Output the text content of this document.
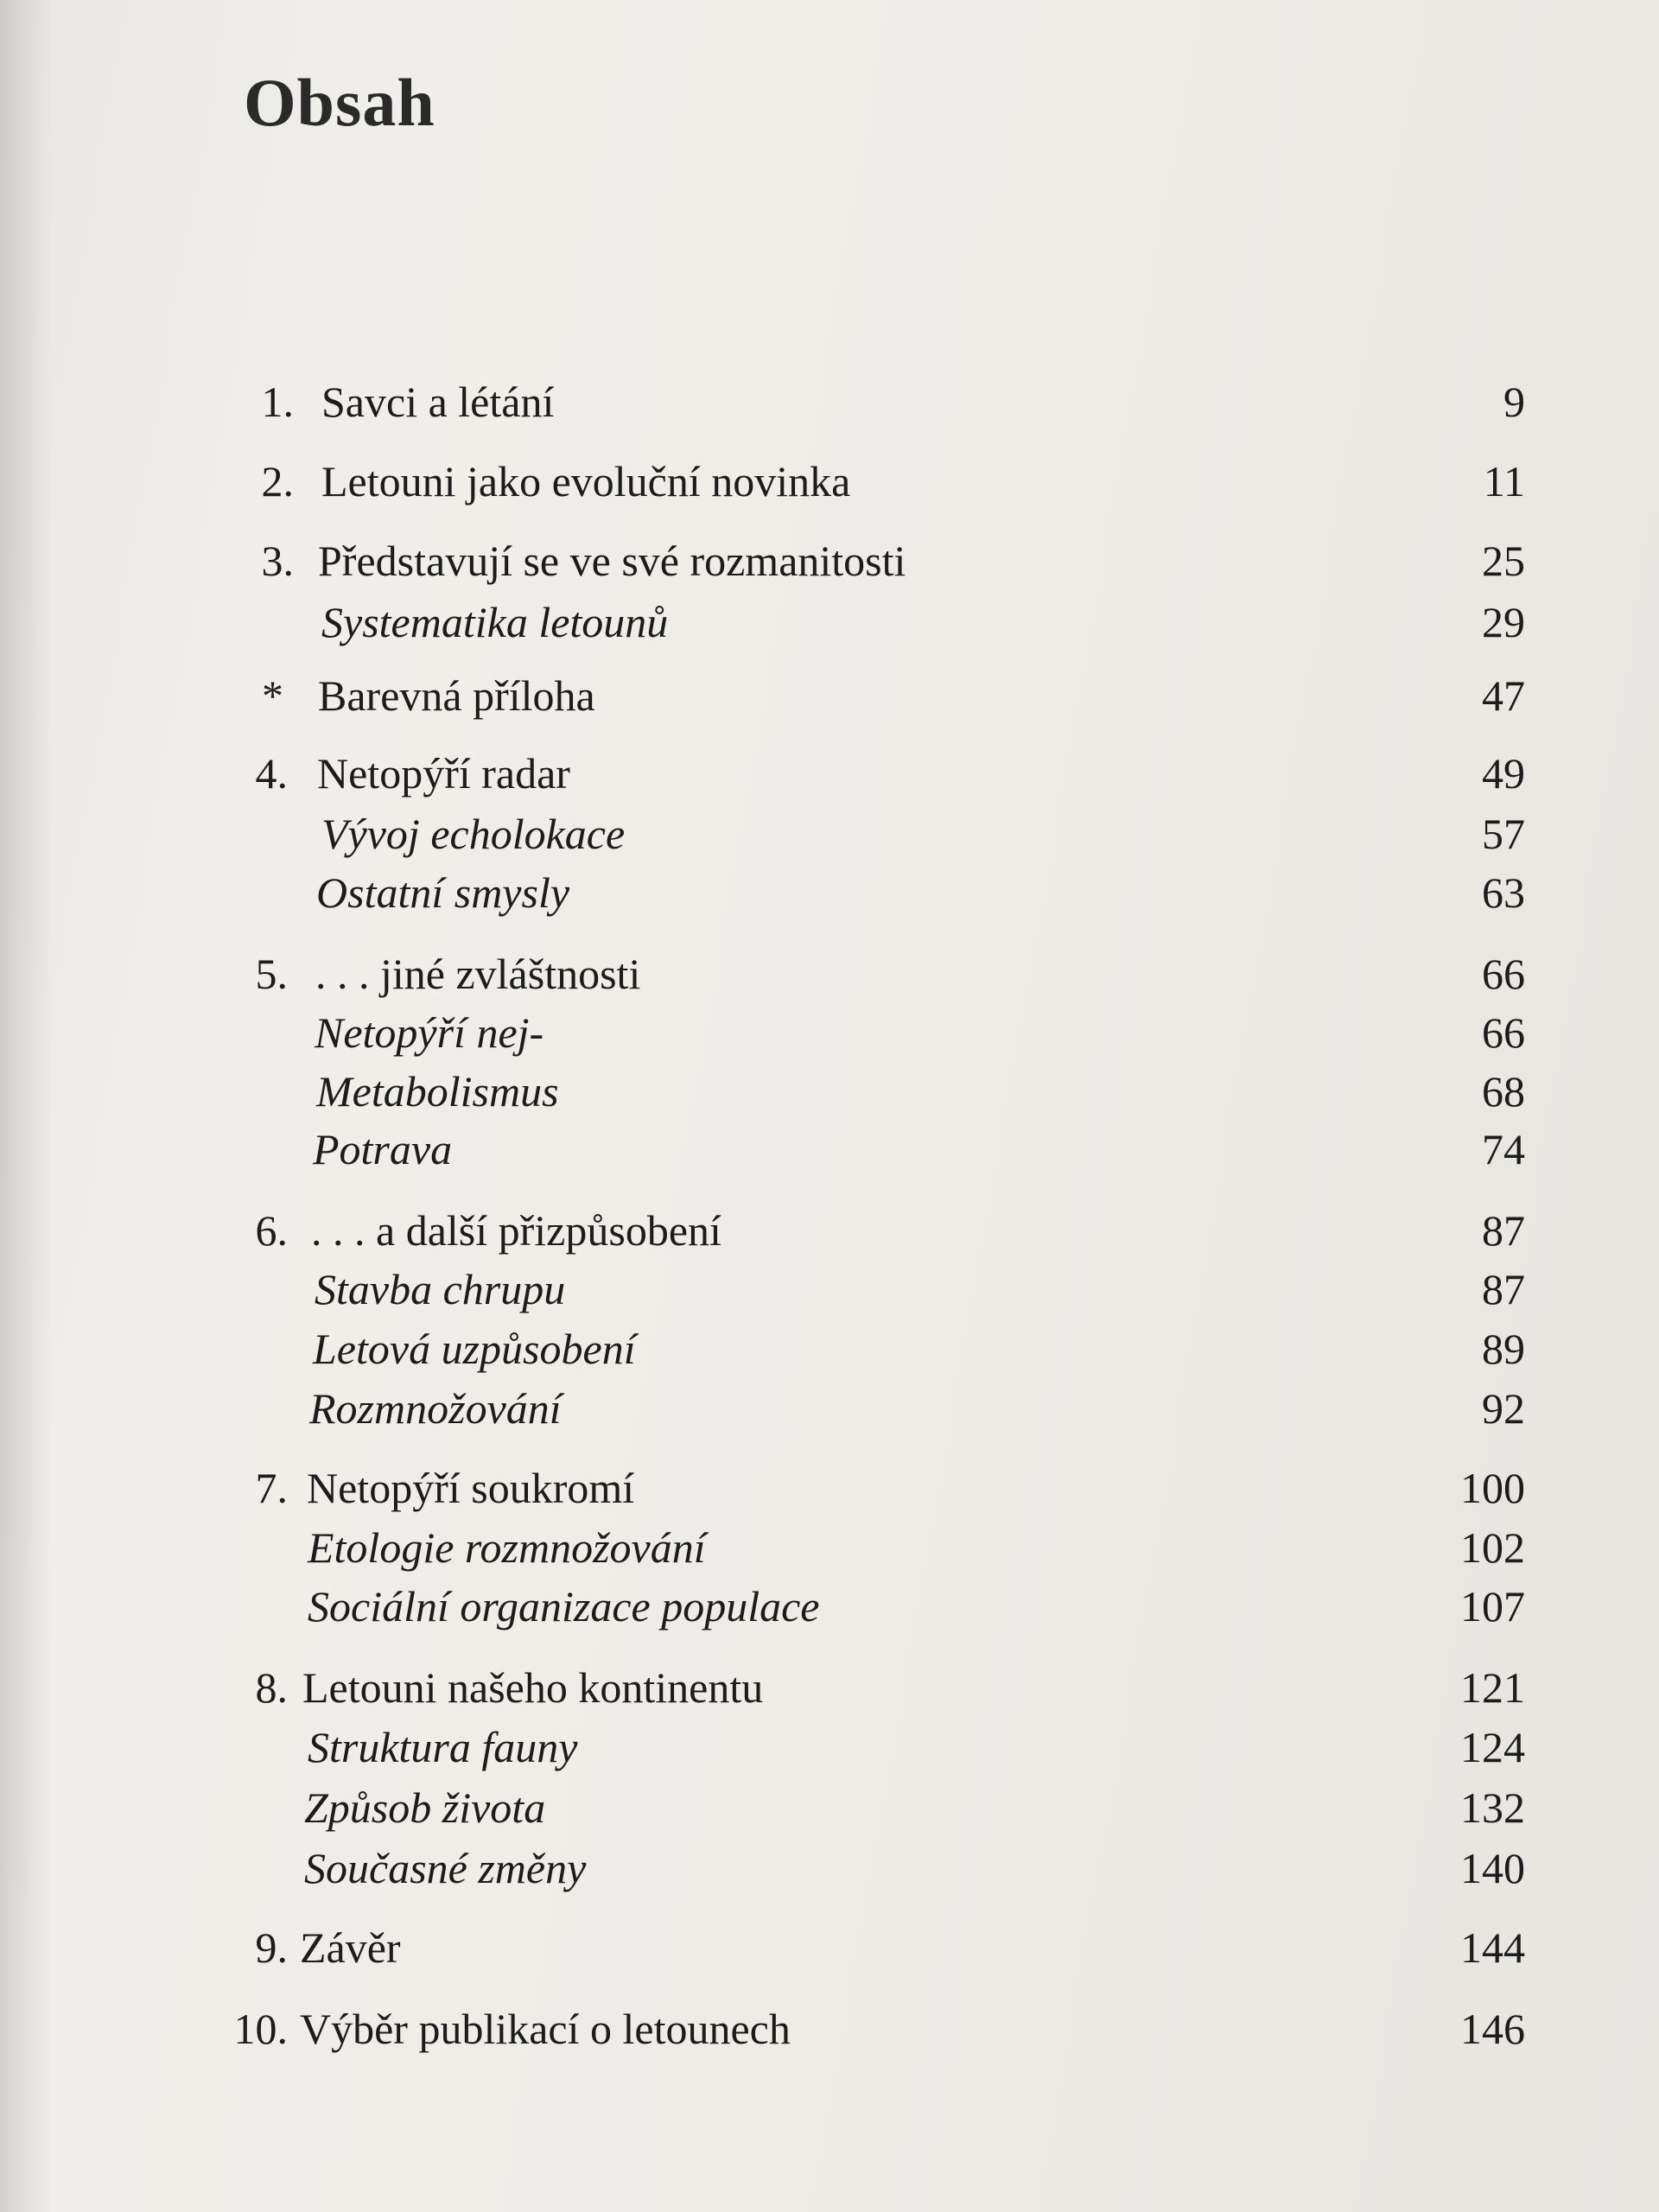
Obsah
1. Savci a létání	9
2. Letouni jako evoluční novinka	11
3. Představují se ve své rozmanitosti	25
Systematika letounů	29
* Barevná příloha	47
4. Netopýří radar	49
Vývoj echolokace	57
Ostatní smysly	63
5. . . . jiné zvláštnosti	66
Netopýří nej-	66
Metabolismus	68
Potrava	74
6. . . . a další přizpůsobení	87
Stavba chrupu	87
Letová uzpůsobení	89
Rozmnožování	92
7. Netopýří soukromí	100
Etologie rozmnožování	102
Sociální organizace populace	107
8. Letouni našeho kontinentu	121
Struktura fauny	124
Způsob života	132
Současné změny	140
9. Závěr	144
10. Výběr publikací o letounech	146
